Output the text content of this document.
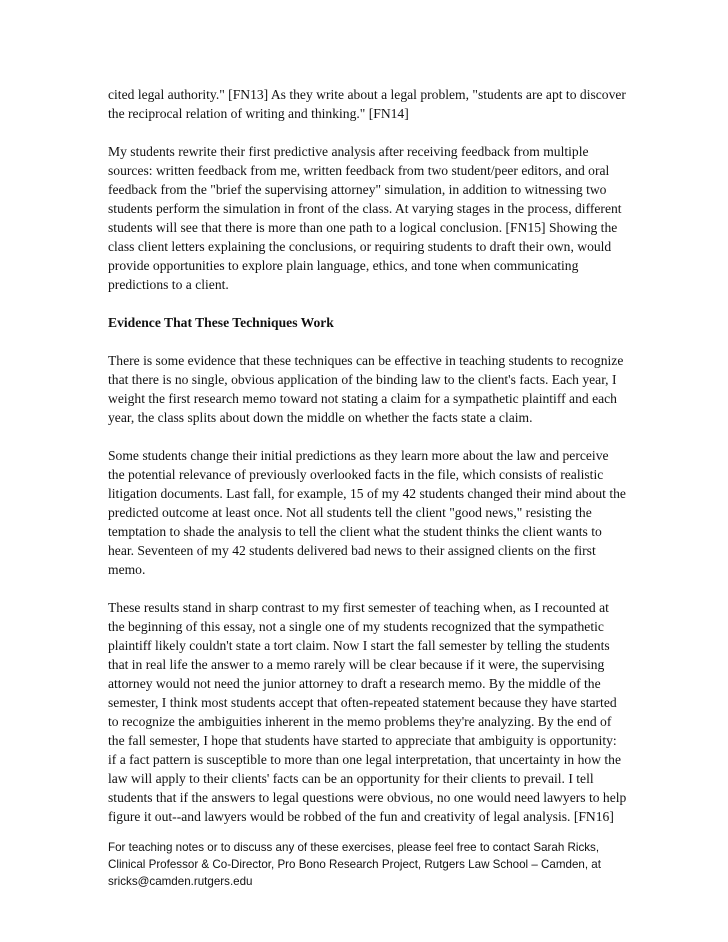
cited legal authority." [FN13] As they write about a legal problem, "students are apt to discover the reciprocal relation of writing and thinking." [FN14]

My students rewrite their first predictive analysis after receiving feedback from multiple sources: written feedback from me, written feedback from two student/peer editors, and oral feedback from the "brief the supervising attorney" simulation, in addition to witnessing two students perform the simulation in front of the class. At varying stages in the process, different students will see that there is more than one path to a logical conclusion. [FN15] Showing the class client letters explaining the conclusions, or requiring students to draft their own, would provide opportunities to explore plain language, ethics, and tone when communicating predictions to a client.

Evidence That These Techniques Work

There is some evidence that these techniques can be effective in teaching students to recognize that there is no single, obvious application of the binding law to the client's facts. Each year, I weight the first research memo toward not stating a claim for a sympathetic plaintiff and each year, the class splits about down the middle on whether the facts state a claim.

Some students change their initial predictions as they learn more about the law and perceive the potential relevance of previously overlooked facts in the file, which consists of realistic litigation documents. Last fall, for example, 15 of my 42 students changed their mind about the predicted outcome at least once. Not all students tell the client "good news," resisting the temptation to shade the analysis to tell the client what the student thinks the client wants to hear. Seventeen of my 42 students delivered bad news to their assigned clients on the first memo.

These results stand in sharp contrast to my first semester of teaching when, as I recounted at the beginning of this essay, not a single one of my students recognized that the sympathetic plaintiff likely couldn't state a tort claim. Now I start the fall semester by telling the students that in real life the answer to a memo rarely will be clear because if it were, the supervising attorney would not need the junior attorney to draft a research memo. By the middle of the semester, I think most students accept that often-repeated statement because they have started to recognize the ambiguities inherent in the memo problems they're analyzing. By the end of the fall semester, I hope that students have started to appreciate that ambiguity is opportunity: if a fact pattern is susceptible to more than one legal interpretation, that uncertainty in how the law will apply to their clients' facts can be an opportunity for their clients to prevail. I tell students that if the answers to legal questions were obvious, no one would need lawyers to help figure it out--and lawyers would be robbed of the fun and creativity of legal analysis. [FN16]

For teaching notes or to discuss any of these exercises, please feel free to contact Sarah Ricks, Clinical Professor & Co-Director, Pro Bono Research Project, Rutgers Law School – Camden, at sricks@camden.rutgers.edu
